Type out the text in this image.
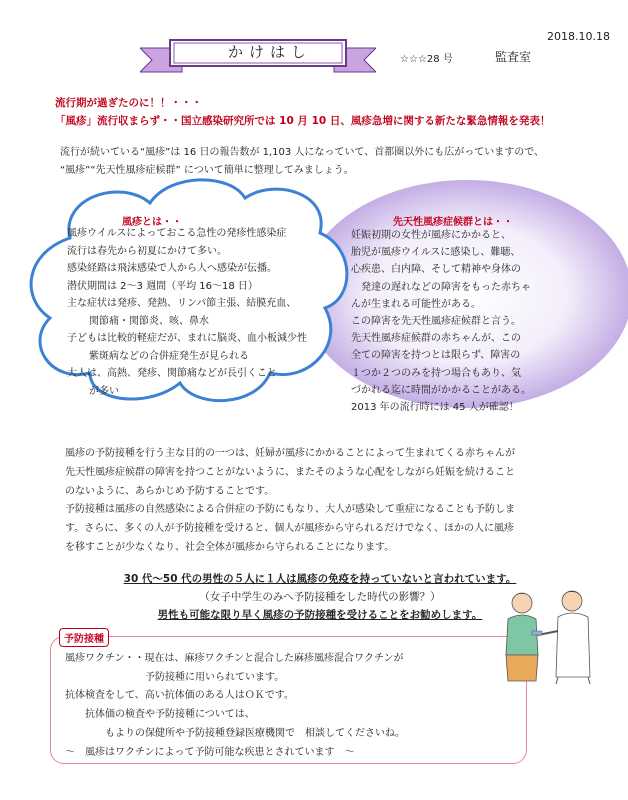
2018.10.18
かけはし	☆☆☆28 号	監査室
流行期が過ぎたのに！！・・・
「風疹」流行収まらず・・国立感染研究所では 10 月 10 日、風疹急増に関する新たな緊急情報を発表！
流行が続いている“風疹”は 16 日の報告数が 1,103 人になっていて、首都圏以外にも広がっていますので、
“風疹”“先天性風疹症候群” について簡単に整理してみましょう。
風疹とは・・
風疹ウイルスによっておこる急性の発疹性感染症
流行は春先から初夏にかけて多い。
感染経路は飛沫感染で人から人へ感染が伝播。
潜伏期間は 2～3 週間（平均 16～18 日）
主な症状は発疹、発熱、リンパ節主張、結膜充血、
関節痛・関節炎、咳、鼻水
子どもは比較的軽症だが、まれに脳炎、血小板減少性
紫斑病などの合併症発生が見られる
大人は、高熱、発疹、関節痛などが長引くこと
が多い
先天性風疹症候群とは・・
妊娠初期の女性が風疹にかかると、
胎児が風疹ウイルスに感染し、難聴、
心疾患、白内障、そして精神や身体の
　発達の遅れなどの障害をもった赤ちゃ
んが生まれる可能性がある。
この障害を先天性風疹症候群と言う。
先天性風疹症候群の赤ちゃんが、この
全ての障害を持つとは限らず、障害の
１つか２つのみを持つ場合もあり、気
づかれる迄に時間がかかることがある。
2013 年の流行時には 45 人が確認！
風疹の予防接種を行う主な目的の一つは、妊婦が風疹にかかることによって生まれてくる赤ちゃんが
先天性風疹症候群の障害を持つことがないように、またそのような心配をしながら妊娠を続けること
のないように、あらかじめ予防することです。
予防接種は風疹の自然感染による合併症の予防にもなり、大人が感染して重症になることも予防しま
す。さらに、多くの人が予防接種を受けると、個人が風疹から守られるだけでなく、ほかの人に風疹
を移すことが少なくなり、社会全体が風疹から守られることになります。
30 代～50 代の男性の５人に１人は風疹の免疫を持っていないと言われています。
（女子中学生のみへ予防接種をした時代の影響？）
男性も可能な限り早く風疹の予防接種を受けることをお勧めします。
予防接種
風疹ワクチン・・現在は、麻疹ワクチンと混合した麻疹風疹混合ワクチンが
　　　　　　　　予防接種に用いられています。
抗体検査をして、高い抗体価のある人はＯＫです。
　　抗体価の検査や予防接種については、
　　　　もよりの保健所や予防接種登録医療機関で　相談してくださいね。
～　風疹はワクチンによって予防可能な疾患とされています　～
